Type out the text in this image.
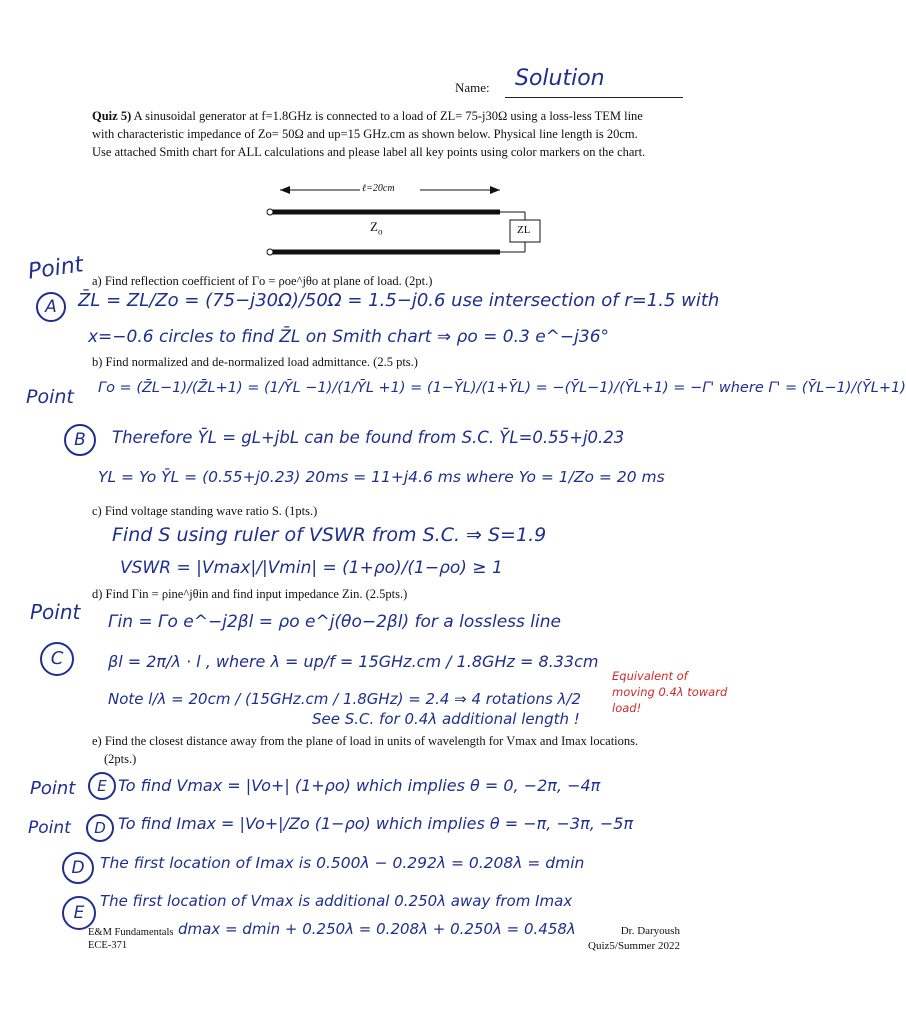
Name: Solution
Quiz 5) A sinusoidal generator at f=1.8GHz is connected to a load of ZL= 75-j30Ω using a loss-less TEM line
with characteristic impedance of Zo= 50Ω and up=15 GHz.cm as shown below. Physical line length is 20cm.
Use attached Smith chart for ALL calculations and please label all key points using color markers on the chart.
ℓ=20cm
$Z_o$	ZL
Point a) Find reflection coefficient of Γo = ρoe^jθo at plane of load. (2pt.)
A	Z̄L = ZL/Zo = (75−j30Ω)/50Ω = 1.5−j0.6 use intersection of r=1.5 with
x=−0.6 circles to find Z̄L on Smith chart ⇒ ρo = 0.3 e^−j36°
b) Find normalized and de-normalized load admittance. (2.5 pts.)
Point Γo = (Z̄L−1)/(Z̄L+1) = (1/ȲL −1)/(1/ȲL +1) = (1−ȲL)/(1+ȲL) = −(ȲL−1)/(ȲL+1) = −Γ' where Γ' = (ȲL−1)/(ȲL+1)
B	Therefore ȲL = gL+jbL can be found from S.C. ȲL=0.55+j0.23
YL = Yo ȲL = (0.55+j0.23) 20ms = 11+j4.6 ms where Yo = 1/Zo = 20 ms
c) Find voltage standing wave ratio S. (1pts.)
Find S using ruler of VSWR from S.C. ⇒ S=1.9
VSWR = |Vmax|/|Vmin| = (1+ρo)/(1−ρo) ≥ 1
d) Find Γin = ρine^jθin and find input impedance Zin. (2.5pts.)
Point Γin = Γo e^−j2βl = ρo e^j(θo−2βl) for a lossless line
C	βl = 2π/λ · l , where λ = up/f = 15GHz.cm / 1.8GHz = 8.33cm
Note l/λ = 20cm / (15GHz.cm / 1.8GHz) = 2.4 ⇒ 4 rotations λ/2
See S.C. for 0.4λ additional length !
Equivalent of moving 0.4λ toward load!
e) Find the closest distance away from the plane of load in units of wavelength for Vmax and Imax locations.
(2pts.)
Point	E To find Vmax = |Vo+| (1+ρo) which implies θ = 0, −2π, −4π
Point	D To find Imax = |Vo+|/Zo (1−ρo) which implies θ = −π, −3π, −5π
D The first location of Imax is 0.500λ − 0.292λ = 0.208λ = dmin
E
The first location of Vmax is additional 0.250λ away from Imax
dmax = dmin + 0.250λ = 0.208λ + 0.250λ = 0.458λ
E&M Fundamentals
ECE-371
Dr. Daryoush
Quiz5/Summer 2022
